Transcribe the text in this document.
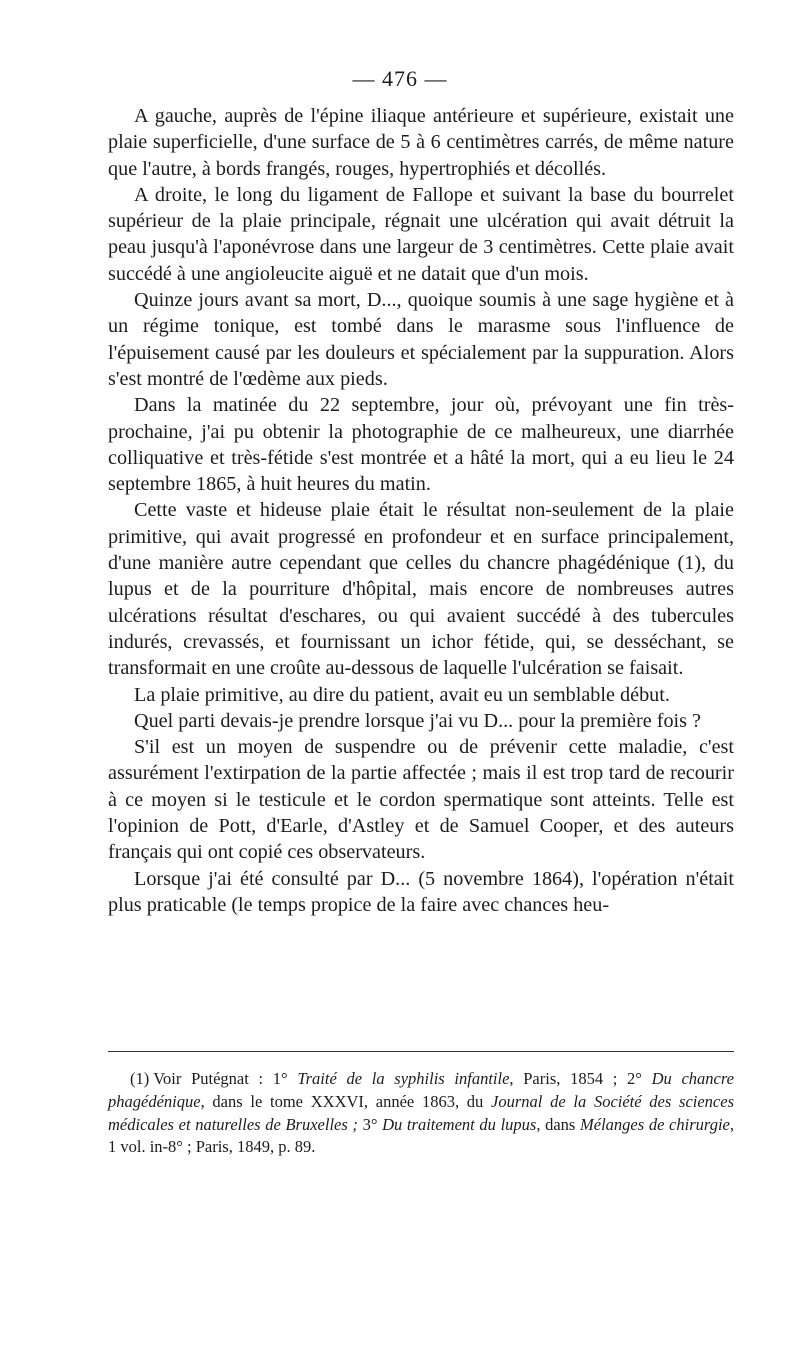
— 476 —

A gauche, auprès de l'épine iliaque antérieure et supérieure, existait une plaie superficielle, d'une surface de 5 à 6 centimètres carrés, de même nature que l'autre, à bords frangés, rouges, hypertrophiés et décollés.

A droite, le long du ligament de Fallope et suivant la base du bourrelet supérieur de la plaie principale, régnait une ulcération qui avait détruit la peau jusqu'à l'aponévrose dans une largeur de 3 centimètres. Cette plaie avait succédé à une angioleucite aiguë et ne datait que d'un mois.

Quinze jours avant sa mort, D..., quoique soumis à une sage hygiène et à un régime tonique, est tombé dans le marasme sous l'influence de l'épuisement causé par les douleurs et spécialement par la suppuration. Alors s'est montré de l'œdème aux pieds.

Dans la matinée du 22 septembre, jour où, prévoyant une fin très-prochaine, j'ai pu obtenir la photographie de ce malheureux, une diarrhée colliquative et très-fétide s'est montrée et a hâté la mort, qui a eu lieu le 24 septembre 1865, à huit heures du matin.

Cette vaste et hideuse plaie était le résultat non-seulement de la plaie primitive, qui avait progressé en profondeur et en surface principalement, d'une manière autre cependant que celles du chancre phagédénique (1), du lupus et de la pourriture d'hôpital, mais encore de nombreuses autres ulcérations résultat d'eschares, ou qui avaient succédé à des tubercules indurés, crevassés, et fournissant un ichor fétide, qui, se desséchant, se transformait en une croûte au-dessous de laquelle l'ulcération se faisait.

La plaie primitive, au dire du patient, avait eu un semblable début.

Quel parti devais-je prendre lorsque j'ai vu D... pour la première fois ?

S'il est un moyen de suspendre ou de prévenir cette maladie, c'est assurément l'extirpation de la partie affectée ; mais il est trop tard de recourir à ce moyen si le testicule et le cordon spermatique sont atteints. Telle est l'opinion de Pott, d'Earle, d'Astley et de Samuel Cooper, et des auteurs français qui ont copié ces observateurs.

Lorsque j'ai été consulté par D... (5 novembre 1864), l'opération n'était plus praticable (le temps propice de la faire avec chances heu-

(1) Voir Putégnat : 1° Traité de la syphilis infantile, Paris, 1854 ; 2° Du chancre phagédénique, dans le tome XXXVI, année 1863, du Journal de la Société des sciences médicales et naturelles de Bruxelles ; 3° Du traitement du lupus, dans Mélanges de chirurgie, 1 vol. in-8° ; Paris, 1849, p. 89.
